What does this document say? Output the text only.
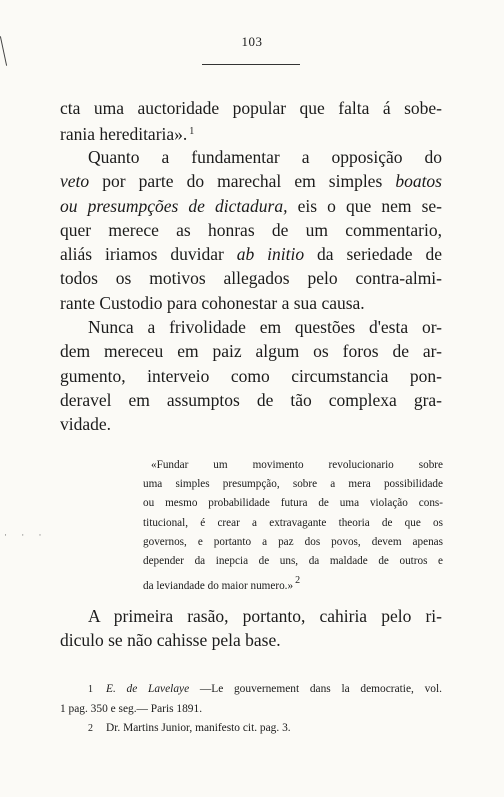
· · ·
103

cta uma auctoridade popular que falta á sobe-
rania hereditaria». $^1$

Quanto a fundamentar a opposição do
veto por parte do marechal em simples boatos
ou presumpções de dictadura, eis o que nem se-
quer merece as honras de um commentario,
aliás iriamos duvidar ab initio da seriedade de
todos os motivos allegados pelo contra-almi-
rante Custodio para cohonestar a sua causa.

Nunca a frivolidade em questões d'esta or-
dem mereceu em paiz algum os foros de ar-
gumento, interveio como circumstancia pon-
deravel em assumptos de tão complexa gra-
vidade.

«Fundar um movimento revolucionario sobre
uma simples presumpção, sobre a mera possibilidade
ou mesmo probabilidade futura de uma violação cons-
titucional, é crear a extravagante theoria de que os
governos, e portanto a paz dos povos, devem apenas
depender da inepcia de uns, da maldade de outros e
da leviandade do maior numero.» 2

A primeira rasão, portanto, cahiria pelo ri-
diculo se não cahisse pela base.

1 E. de Lavelaye —Le gouvernement dans la democratie, vol.
1 pag. 350 e seg.— Paris 1891.
2 Dr. Martins Junior, manifesto cit. pag. 3.
